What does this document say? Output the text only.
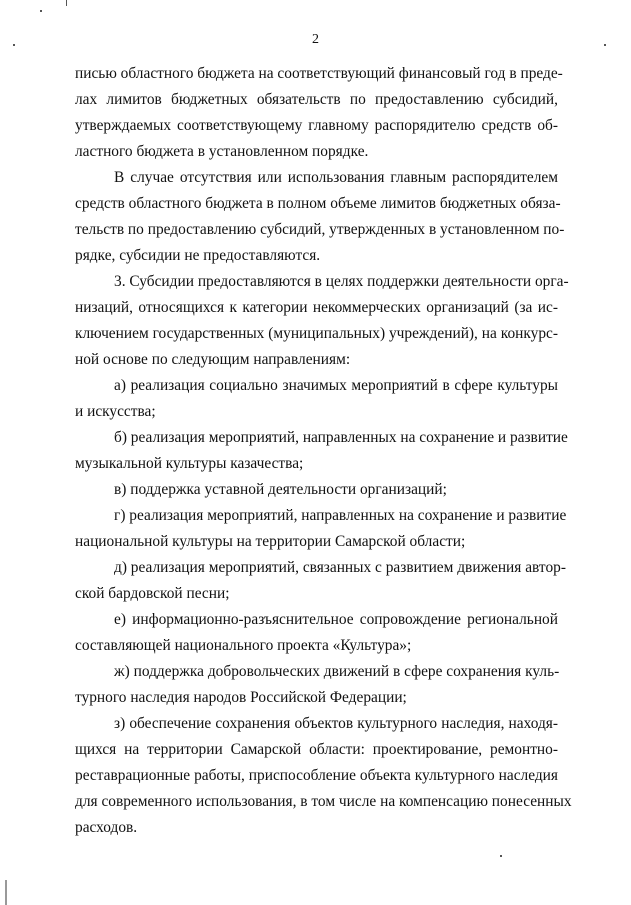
2
писью областного бюджета на соответствующий финансовый год в преде-
лах лимитов бюджетных обязательств по предоставлению субсидий,
утверждаемых соответствующему главному распорядителю средств об-
ластного бюджета в установленном порядке.
В случае отсутствия или использования главным распорядителем
средств областного бюджета в полном объеме лимитов бюджетных обяза-
тельств по предоставлению субсидий, утвержденных в установленном по-
рядке, субсидии не предоставляются.
3. Субсидии предоставляются в целях поддержки деятельности орга-
низаций, относящихся к категории некоммерческих организаций (за ис-
ключением государственных (муниципальных) учреждений), на конкурс-
ной основе по следующим направлениям:
а) реализация социально значимых мероприятий в сфере культуры
и искусства;
б) реализация мероприятий, направленных на сохранение и развитие
музыкальной культуры казачества;
в) поддержка уставной деятельности организаций;
г) реализация мероприятий, направленных на сохранение и развитие
национальной культуры на территории Самарской области;
д) реализация мероприятий, связанных с развитием движения автор-
ской бардовской песни;
е) информационно-разъяснительное сопровождение региональной
составляющей национального проекта «Культура»;
ж) поддержка добровольческих движений в сфере сохранения куль-
турного наследия народов Российской Федерации;
з) обеспечение сохранения объектов культурного наследия, находя-
щихся на территории Самарской области: проектирование, ремонтно-
реставрационные работы, приспособление объекта культурного наследия
для современного использования, в том числе на компенсацию понесенных
расходов.
